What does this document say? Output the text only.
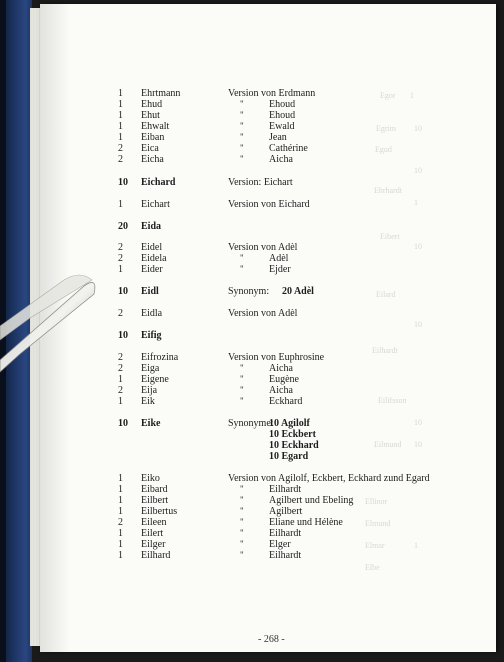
Egor 1
Egrim 10
Egud
10
Ehrhardt
1
Eibert
10
Eilard
10
Eilhardt
Eilifsson
10
Eilmund 10
Ellinor
Elmund
Elmar	1
Elbe
1 Ehrtmann	Version von Erdmann
1 Ehud	"	Ehoud
1 Ehut	"	Ehoud
1 Ehwalt	"	Ewald
1 Eiban	"	Jean
2 Eica	"	Cathérine
2 Eicha	"	Aicha
10 Eichard	Version: Eichart
1 Eichart	Version von Eichard
20 Eida
2 Eidel	Version von Adèl
2 Eidela	"	Adèl
1 Eider	"	Ejder
10 Eidl	Synonym: 20 Adèl
2 Eidla	Version von Adèl
10 Eifig
2 Eifrozina	Version von Euphrosine
2 Eiga	"	Aicha
1 Eigene	"	Eugène
2 Eija	"	Aicha
1 Eik	"	Eckhard
10 Eike	Synonyme:
10 Agilolf
10 Eckbert
10 Eckhard
10 Egard
1 Eiko	Version von Agilolf, Eckbert, Eckhard zund Egard
1 Eibard	"	Eilhardt
1 Eilbert	"	Agilbert und Ebeling
1 Eilbertus	"	Agilbert
2 Eileen	"	Eliane und Hélène
1 Eilert	"	Eilhardt
1 Eilger	"	Elger
1 Eilhard	"	Eilhardt
- 268 -
